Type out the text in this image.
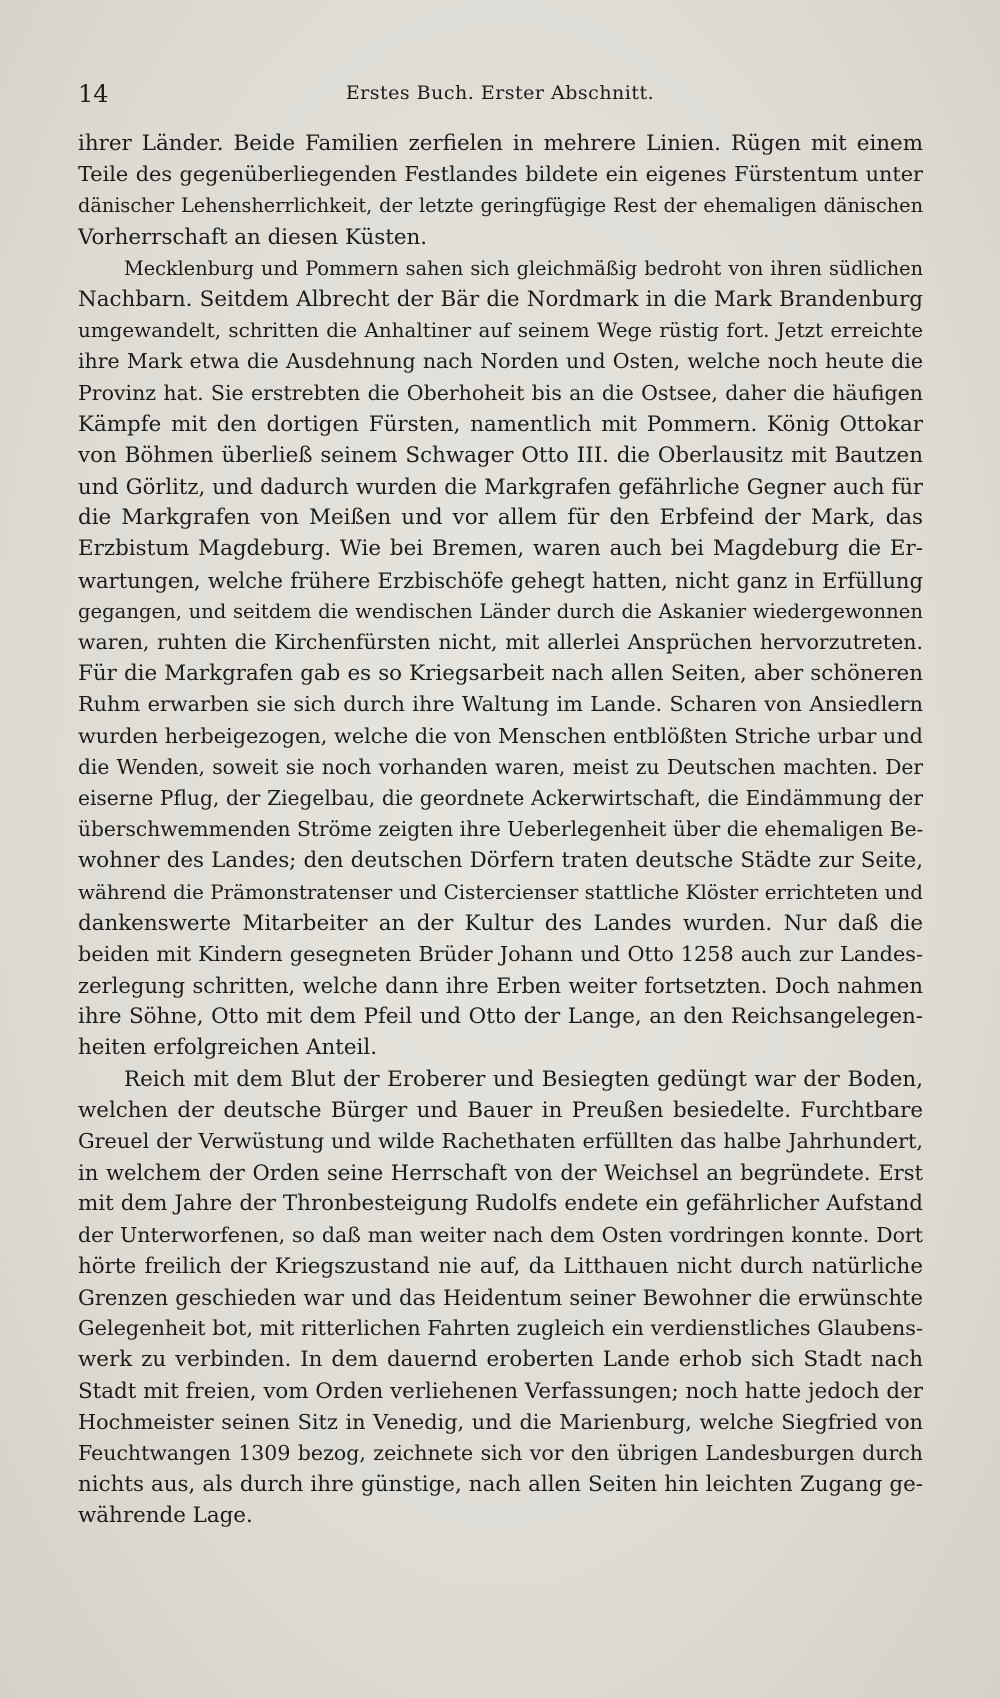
14	Erstes Buch. Erster Abschnitt.
ihrer Länder. Beide Familien zerfielen in mehrere Linien. Rügen mit einem
Teile des gegenüberliegenden Festlandes bildete ein eigenes Fürstentum unter
dänischer Lehensherrlichkeit, der letzte geringfügige Rest der ehemaligen dänischen
Vorherrschaft an diesen Küsten.
Mecklenburg und Pommern sahen sich gleichmäßig bedroht von ihren südlichen
Nachbarn. Seitdem Albrecht der Bär die Nordmark in die Mark Brandenburg
umgewandelt, schritten die Anhaltiner auf seinem Wege rüstig fort. Jetzt erreichte
ihre Mark etwa die Ausdehnung nach Norden und Osten, welche noch heute die
Provinz hat. Sie erstrebten die Oberhoheit bis an die Ostsee, daher die häufigen
Kämpfe mit den dortigen Fürsten, namentlich mit Pommern. König Ottokar
von Böhmen überließ seinem Schwager Otto III. die Oberlausitz mit Bautzen
und Görlitz, und dadurch wurden die Markgrafen gefährliche Gegner auch für
die Markgrafen von Meißen und vor allem für den Erbfeind der Mark, das
Erzbistum Magdeburg. Wie bei Bremen, waren auch bei Magdeburg die Er-
wartungen, welche frühere Erzbischöfe gehegt hatten, nicht ganz in Erfüllung
gegangen, und seitdem die wendischen Länder durch die Askanier wiedergewonnen
waren, ruhten die Kirchenfürsten nicht, mit allerlei Ansprüchen hervorzutreten.
Für die Markgrafen gab es so Kriegsarbeit nach allen Seiten, aber schöneren
Ruhm erwarben sie sich durch ihre Waltung im Lande. Scharen von Ansiedlern
wurden herbeigezogen, welche die von Menschen entblößten Striche urbar und
die Wenden, soweit sie noch vorhanden waren, meist zu Deutschen machten. Der
eiserne Pflug, der Ziegelbau, die geordnete Ackerwirtschaft, die Eindämmung der
überschwemmenden Ströme zeigten ihre Ueberlegenheit über die ehemaligen Be-
wohner des Landes; den deutschen Dörfern traten deutsche Städte zur Seite,
während die Prämonstratenser und Cistercienser stattliche Klöster errichteten und
dankenswerte Mitarbeiter an der Kultur des Landes wurden. Nur daß die
beiden mit Kindern gesegneten Brüder Johann und Otto 1258 auch zur Landes-
zerlegung schritten, welche dann ihre Erben weiter fortsetzten. Doch nahmen
ihre Söhne, Otto mit dem Pfeil und Otto der Lange, an den Reichsangelegen-
heiten erfolgreichen Anteil.
Reich mit dem Blut der Eroberer und Besiegten gedüngt war der Boden,
welchen der deutsche Bürger und Bauer in Preußen besiedelte. Furchtbare
Greuel der Verwüstung und wilde Rachethaten erfüllten das halbe Jahrhundert,
in welchem der Orden seine Herrschaft von der Weichsel an begründete. Erst
mit dem Jahre der Thronbesteigung Rudolfs endete ein gefährlicher Aufstand
der Unterworfenen, so daß man weiter nach dem Osten vordringen konnte. Dort
hörte freilich der Kriegszustand nie auf, da Litthauen nicht durch natürliche
Grenzen geschieden war und das Heidentum seiner Bewohner die erwünschte
Gelegenheit bot, mit ritterlichen Fahrten zugleich ein verdienstliches Glaubens-
werk zu verbinden. In dem dauernd eroberten Lande erhob sich Stadt nach
Stadt mit freien, vom Orden verliehenen Verfassungen; noch hatte jedoch der
Hochmeister seinen Sitz in Venedig, und die Marienburg, welche Siegfried von
Feuchtwangen 1309 bezog, zeichnete sich vor den übrigen Landesburgen durch
nichts aus, als durch ihre günstige, nach allen Seiten hin leichten Zugang ge-
währende Lage.
